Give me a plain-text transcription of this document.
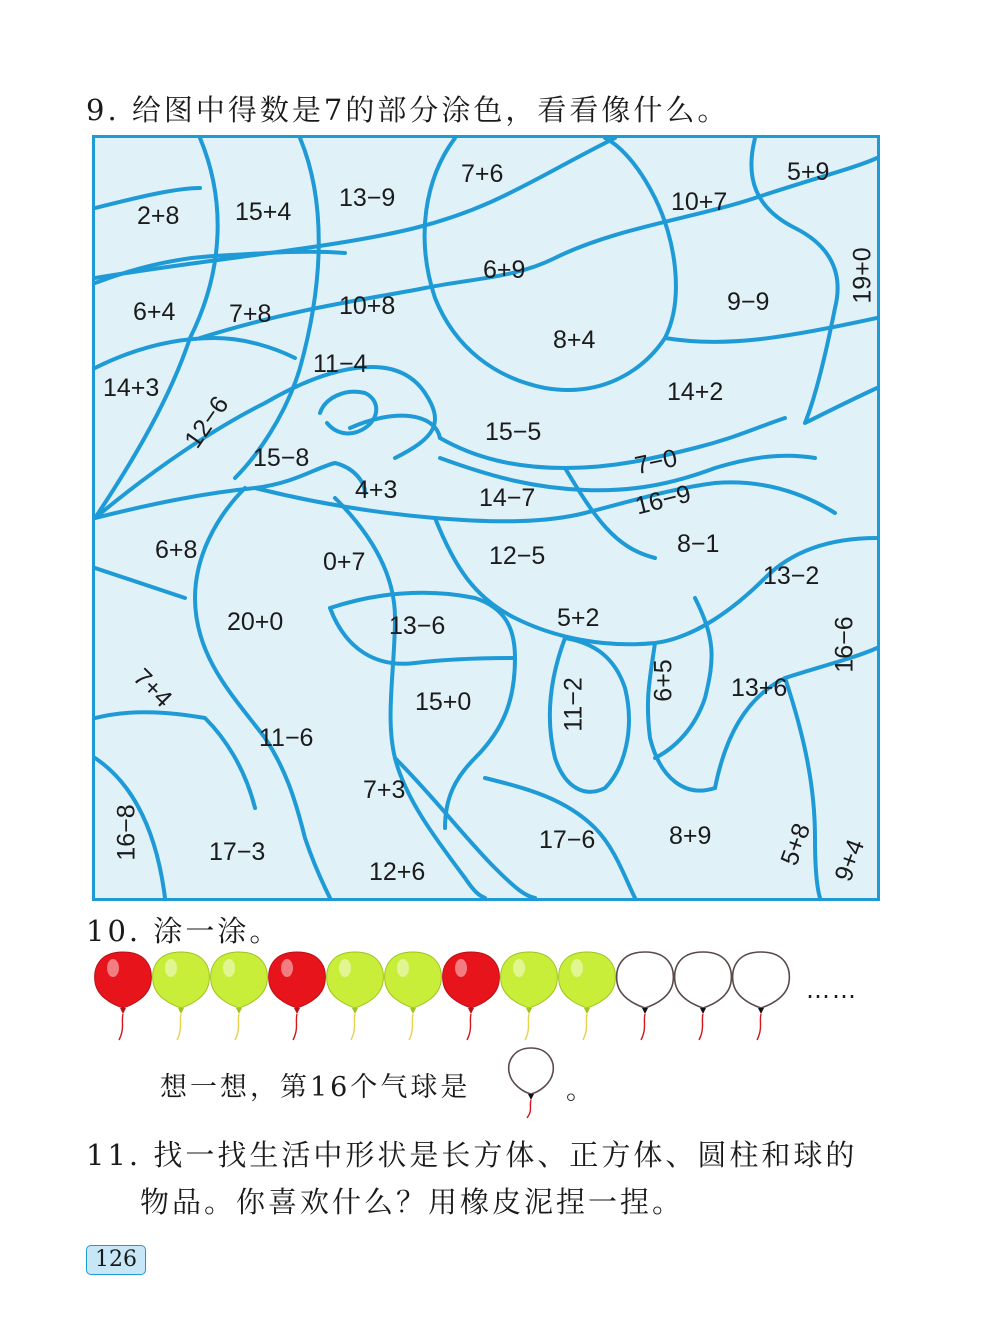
9. 给图中得数是7的部分涂色，看看像什么。
2+8 15+4 13−9
7+6
10+7
5+9
6+9
9−9	19+0
6+4 7+8	10+8
11−4
8+4
14+3
12−6	14+2
15−5
15−8	7−0
4+3	14−7	16−9
6+8	0+7	12−5	8−1
13−2
20+0	13−6	5+2	16−6
7+4	6+5 13+6
11−2
15+0
11−6
7+3
16−8	17−3	17−6	8+9	5+8 9+4
12+6
10. 涂一涂。
……
想一想，第16个气球是	。
11. 找一找生活中形状是长方体、正方体、圆柱和球的
物品。你喜欢什么？用橡皮泥捏一捏。
126
